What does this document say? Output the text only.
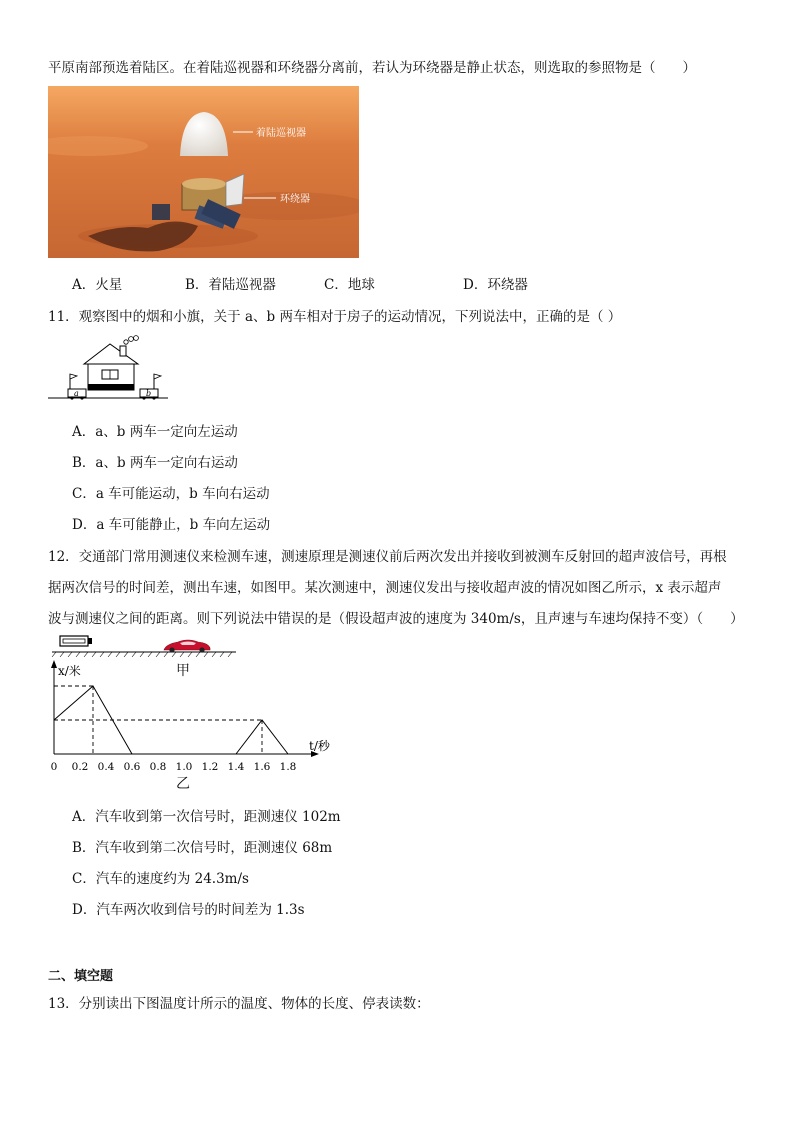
平原南部预选着陆区。在着陆巡视器和环绕器分离前，若认为环绕器是静止状态，则选取的参照物是（　　）
着陆巡视器
环绕器
A．火星	B．着陆巡视器	C．地球	D．环绕器
11．观察图中的烟和小旗，关于 a、b 两车相对于房子的运动情况，下列说法中，正确的是（ ）
a	b
A．a、b 两车一定向左运动
B．a、b 两车一定向右运动
C．a 车可能运动，b 车向右运动
D．a 车可能静止，b 车向左运动
12．交通部门常用测速仪来检测车速，测速原理是测速仪前后两次发出并接收到被测车反射回的超声波信号，再根
据两次信号的时间差，测出车速，如图甲。某次测速中，测速仪发出与接收超声波的情况如图乙所示，x 表示超声
波与测速仪之间的距离。则下列说法中错误的是（假设超声波的速度为 340m/s，且声速与车速均保持不变）（　　）
甲
x/米
t/秒
0 0.2 0.4 0.6 0.8 1.0 1.2 1.4 1.6 1.8
乙
A．汽车收到第一次信号时，距测速仪 102m
B．汽车收到第二次信号时，距测速仪 68m
C．汽车的速度约为 24.3m/s
D．汽车两次收到信号的时间差为 1.3s
二、填空题
13．分别读出下图温度计所示的温度、物体的长度、停表读数：
